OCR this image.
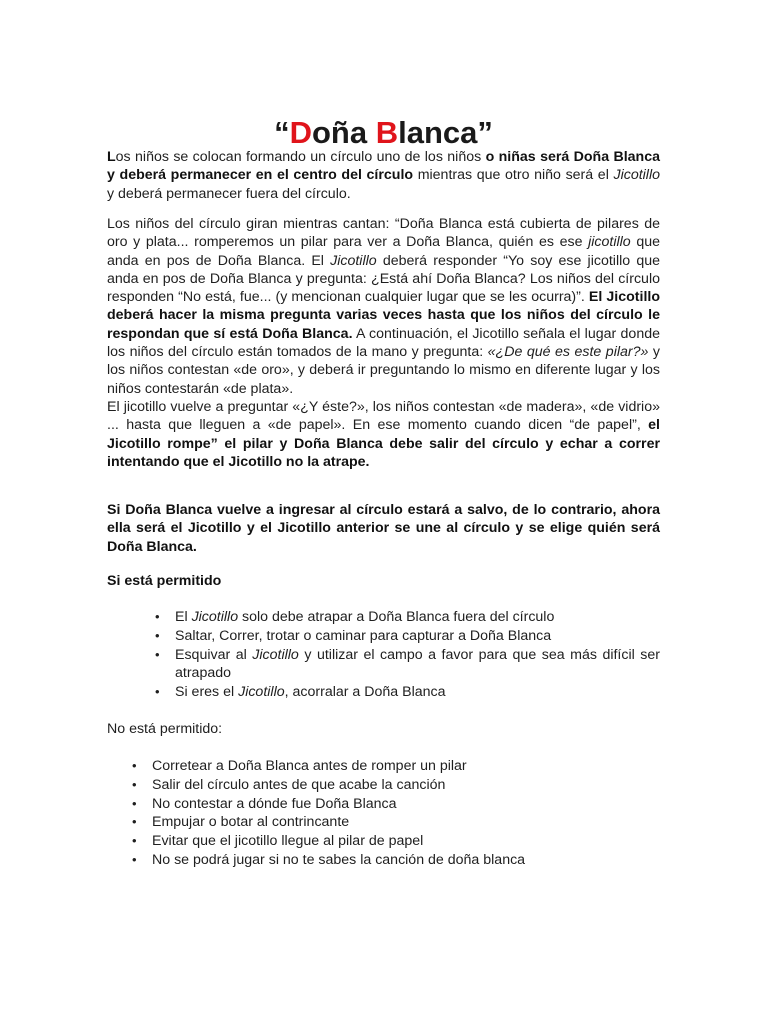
“Doña Blanca”

Los niños se colocan formando un círculo uno de los niños o niñas será Doña Blanca y deberá permanecer en el centro del círculo mientras que otro niño será el Jicotillo y deberá permanecer fuera del círculo.

Los niños del círculo giran mientras cantan: “Doña Blanca está cubierta de pilares de oro y plata... romperemos un pilar para ver a Doña Blanca, quién es ese jicotillo que anda en pos de Doña Blanca. El Jicotillo deberá responder “Yo soy ese jicotillo que anda en pos de Doña Blanca y pregunta: ¿Está ahí Doña Blanca? Los niños del círculo responden “No está, fue... (y mencionan cualquier lugar que se les ocurra)”. El Jicotillo deberá hacer la misma pregunta varias veces hasta que los niños del círculo le respondan que sí está Doña Blanca. A continuación, el Jicotillo señala el lugar donde los niños del círculo están tomados de la mano y pregunta: «¿De qué es este pilar?» y los niños contestan «de oro», y deberá ir preguntando lo mismo en diferente lugar y los niños contestarán «de plata».
El jicotillo vuelve a preguntar «¿Y éste?», los niños contestan «de madera», «de vidrio» ... hasta que lleguen a «de papel». En ese momento cuando dicen “de papel”, el Jicotillo rompe” el pilar y Doña Blanca debe salir del círculo y echar a correr intentando que el Jicotillo no la atrape.

Si Doña Blanca vuelve a ingresar al círculo estará a salvo, de lo contrario, ahora ella será el Jicotillo y el Jicotillo anterior se une al círculo y se elige quién será Doña Blanca.

Si está permitido

• El Jicotillo solo debe atrapar a Doña Blanca fuera del círculo
• Saltar, Correr, trotar o caminar para capturar a Doña Blanca
• Esquivar al Jicotillo y utilizar el campo a favor para que sea más difícil ser atrapado
• Si eres el Jicotillo, acorralar a Doña Blanca

No está permitido:

• Corretear a Doña Blanca antes de romper un pilar
• Salir del círculo antes de que acabe la canción
• No contestar a dónde fue Doña Blanca
• Empujar o botar al contrincante
• Evitar que el jicotillo llegue al pilar de papel
• No se podrá jugar si no te sabes la canción de doña blanca
